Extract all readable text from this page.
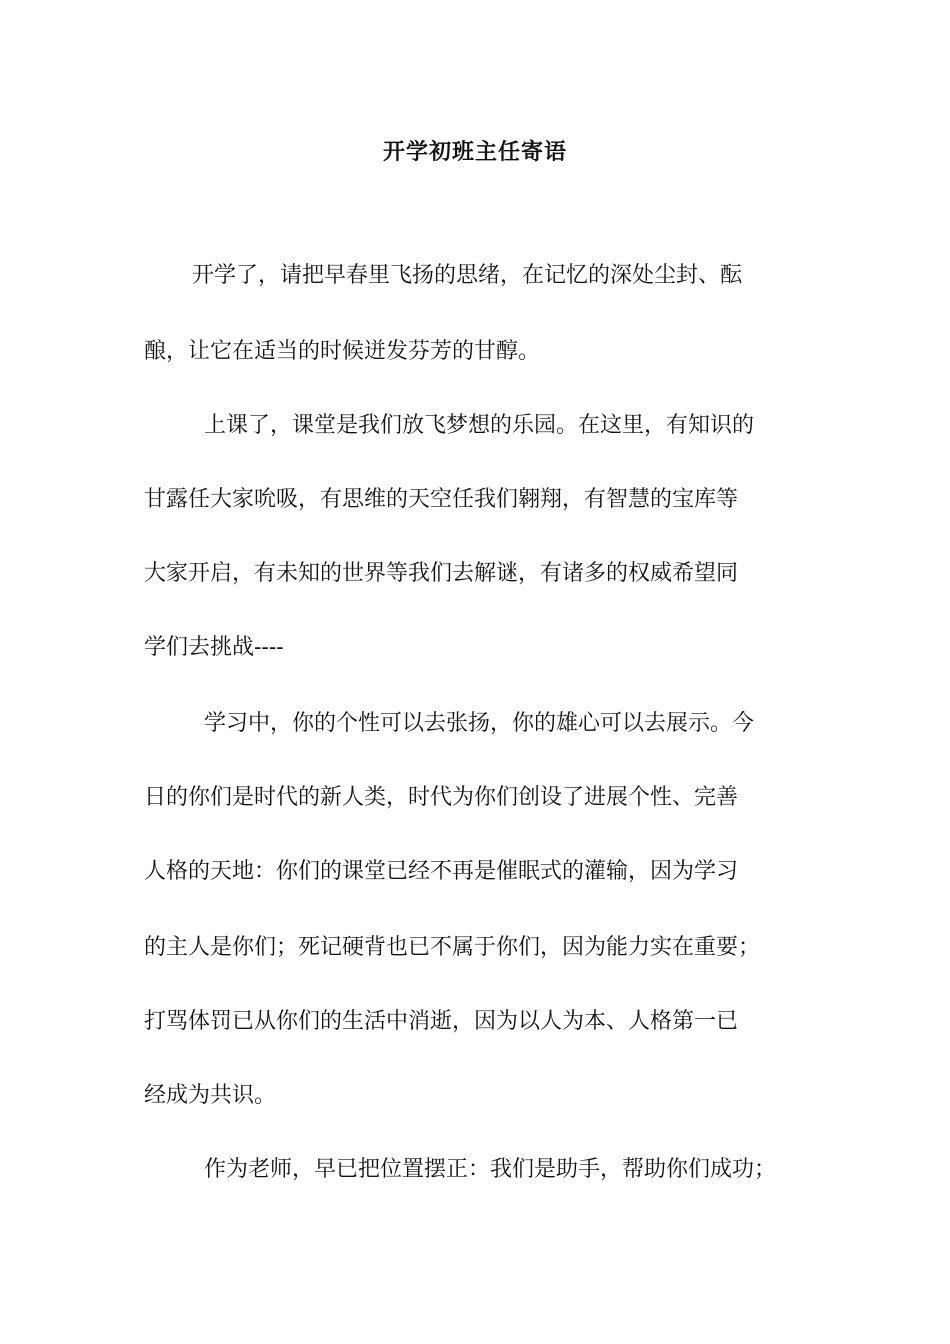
开学初班主任寄语
开学了，请把早春里飞扬的思绪，在记忆的深处尘封、酝
酿，让它在适当的时候迸发芬芳的甘醇。
上课了，课堂是我们放飞梦想的乐园。在这里，有知识的
甘露任大家吮吸，有思维的天空任我们翱翔，有智慧的宝库等
大家开启，有未知的世界等我们去解谜，有诸多的权威希望同
学们去挑战----
学习中，你的个性可以去张扬，你的雄心可以去展示。今
日的你们是时代的新人类，时代为你们创设了进展个性、完善
人格的天地：你们的课堂已经不再是催眠式的灌输，因为学习
的主人是你们；死记硬背也已不属于你们，因为能力实在重要；
打骂体罚已从你们的生活中消逝，因为以人为本、人格第一已
经成为共识。
作为老师，早已把位置摆正：我们是助手，帮助你们成功；
